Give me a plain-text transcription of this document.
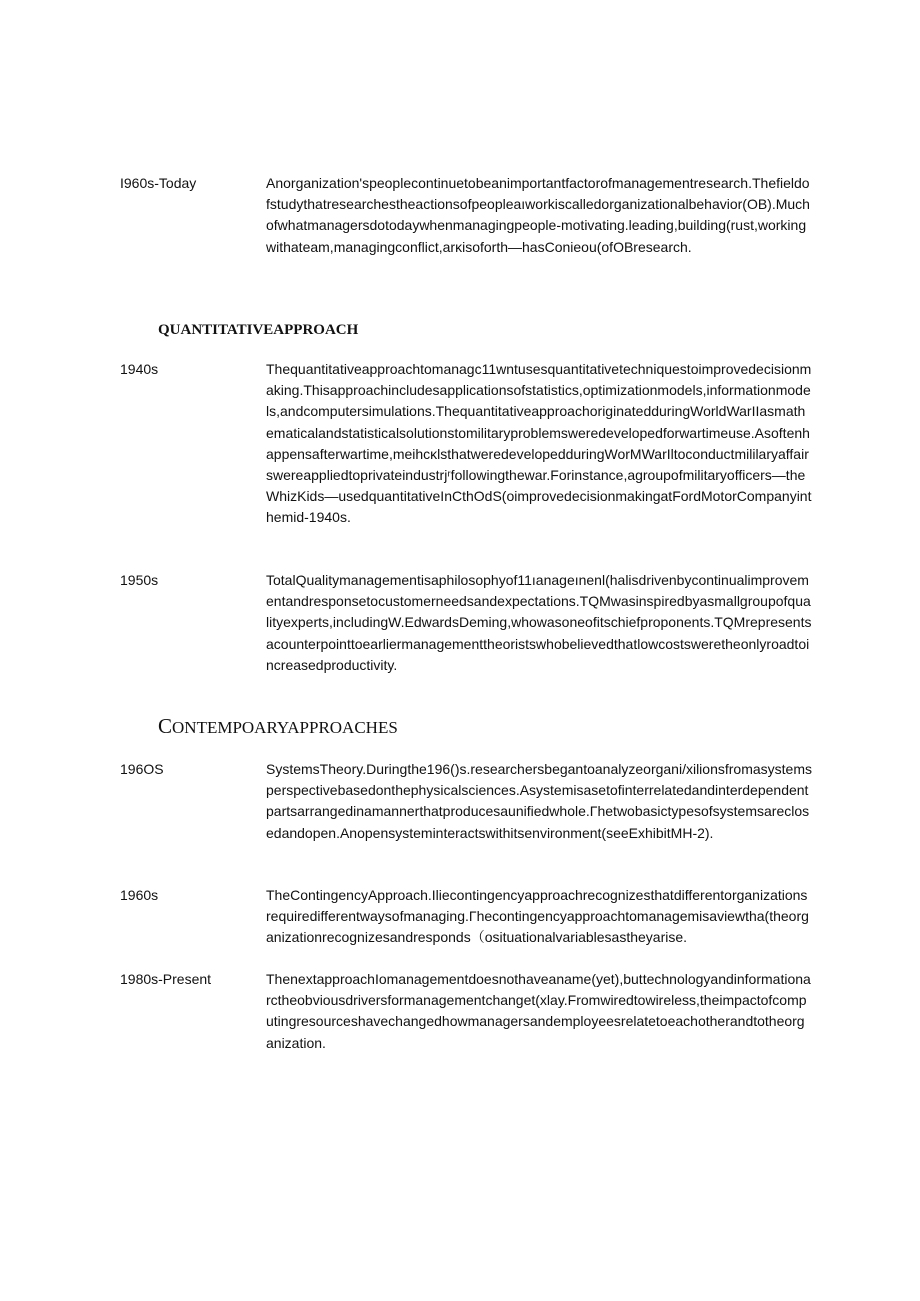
I960s-Today	Anorganization'speoplecontinuetobeanimportantfactorofmanagementresearch.Thefieldofstudythatresearchestheactionsofpeopleaıworkiscalledorganizationalbehavior(OB).Muchofwhatmanagersdotodaywhenmanagingpeople-motivating.leading,building(rust,workingwithateam,managingconflict,arκisoforth—hasConieou(ofOBresearch.
QUANTITATIVEAPPROACH
1940s	Thequantitativeapproachtomanagc11wntusesquantitativetechniquestoimprovedecisionmaking.Thisapproachincludesapplicationsofstatistics,optimizationmodels,informationmodels,andcomputersimulations.ThequantitativeapproachoriginatedduringWorldWarIIasmathematicalandstatisticalsolutionstomilitaryproblemsweredevelopedforwartimeuse.Asoftenhappensafterwartime,meihcκlsthatweredevelopedduringWorMWarIltoconductmililaryaffairswereappliedtoprivateindustrjʳfollowingthewar.Forinstance,agroupofmilitaryofficers—theWhizKids—usedquantitativeInCthOdS(oimprovedecisionmakingatFordMotorCompanyinthemid-1940s.
1950s	TotalQualitymanagementisaphilosophyof11ıanageınenl(halisdrivenbycontinualimprovementandresponsetocustomerneedsandexpectations.TQMwasinspiredbyasmallgroupofqualityexperts,includingW.EdwardsDeming,whowasoneofitschiefproponents.TQMrepresentsacounterpointtoearliermanagementtheoristswhobelievedthatlowcostsweretheonlyroadtoincreasedproductivity.
CONTEMPOARYAPPROACHES
196OS	SystemsTheory.Duringthe196()s.researchersbegantoanalyzeorgani/xilionsfromasystemsperspectivebasedonthephysicalsciences.Asystemisasetofinterrelatedandinterdependentpartsarrangedinamannerthatproducesaunifiedwhole.Γhetwobasictypesofsystemsareclosedandopen.Anopensysteminteractswithitsenvironment(seeExhibitMH-2).
1960s	TheContingencyApproach.Iliecontingencyapproachrecognizesthatdifferentorganizationsrequiredifferentwaysofmanaging.Γhecontingencyapproachtomanagemisaviewtha(theorganizationrecognizesandresponds（osituationalvariablesastheyarise.
1980s-Present	ThenextapproachIomanagementdoesnothaveaname(yet),buttechnologyandinformationarctheobviousdriversformanagementchanget(xlay.Fromwiredtowireless,theimpactofcomputingresourceshavechangedhowmanagersandemployeesrelatetoeachotherandtotheorganization.
